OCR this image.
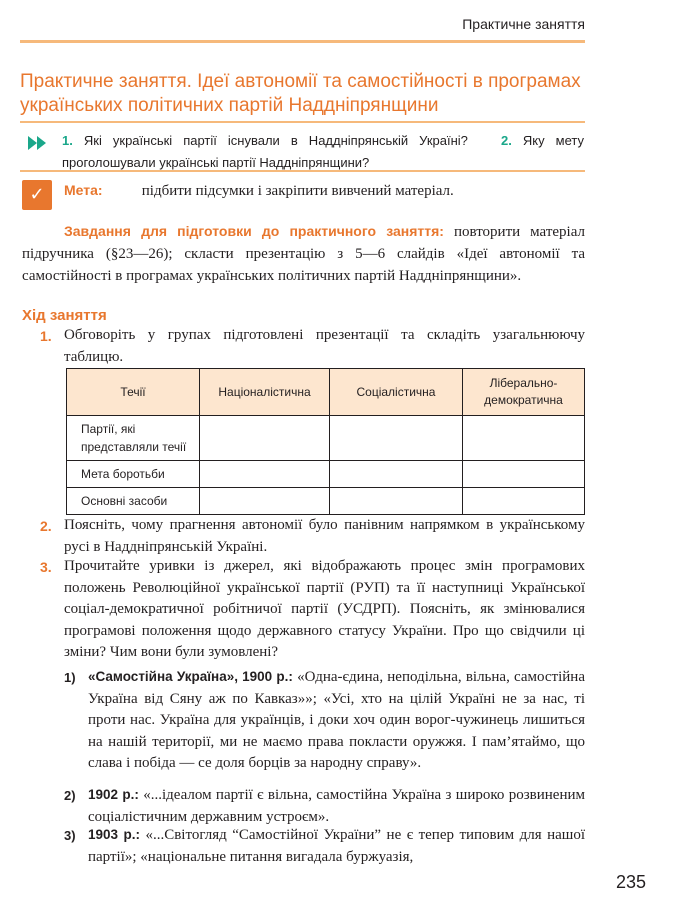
Практичне заняття
Практичне заняття. Ідеї автономії та самостійності в програмах українських політичних партій Наддніпрянщини
1. Які українські партії існували в Наддніпрянській Україні?	2. Яку мету проголошували українські партії Наддніпрянщини?
✓	Мета:	підбити підсумки і закріпити вивчений матеріал.
Завдання для підготовки до практичного заняття: повторити матеріал підручника (§23—26); скласти презентацію з 5—6 слайдів «Ідеї автономії та самостійності в програмах українських політичних партій Наддніпрянщини».
Хід заняття
1. Обговоріть у групах підготовлені презентації та складіть узагальнюючу таблицю.
Течії	Націоналістична	Соціалістична	Ліберально-демократична
Партії, які представляли течії			
Мета боротьби			
Основні засоби			
2. Поясніть, чому прагнення автономії було панівним напрямком в українському русі в Наддніпрянській Україні.
3. Прочитайте уривки із джерел, які відображають процес змін програмових положень Революційної української партії (РУП) та її наступниці Української соціал-демократичної робітничої партії (УСДРП). Поясніть, як змінювалися програмові положення щодо державного статусу України. Про що свідчили ці зміни? Чим вони були зумовлені?
1) «Самостійна Україна», 1900 р.: «Одна-єдина, неподільна, вільна, самостійна Україна від Сяну аж по Кавказ»»; «Усі, хто на цілій Україні не за нас, ті проти нас. Україна для українців, і доки хоч один ворог-чужинець лишиться на нашій території, ми не маємо права покласти оружжя. І пам’ятаймо, що слава і побіда — се доля борців за народну справу».
2) 1902 р.: «...ідеалом партії є вільна, самостійна Україна з широко розвиненим соціалістичним державним устроєм».
3) 1903 р.: «...Світогляд “Самостійної України” не є тепер типовим для нашої партії»; «національне питання вигадала буржуазія,
235
